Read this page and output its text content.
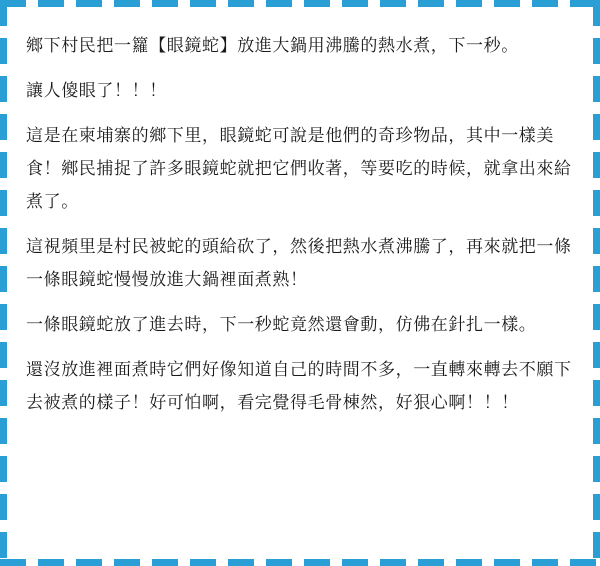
鄉下村民把一籮【眼鏡蛇】放進大鍋用沸騰的熱水煮，下一秒。

讓人傻眼了！！！

這是在柬埔寨的鄉下里，眼鏡蛇可說是他們的奇珍物品，其中一樣美食！鄉民捕捉了許多眼鏡蛇就把它們收著，等要吃的時候，就拿出來給煮了。

這視頻里是村民被蛇的頭給砍了，然後把熱水煮沸騰了，再來就把一條一條眼鏡蛇慢慢放進大鍋裡面煮熟！

一條眼鏡蛇放了進去時，下一秒蛇竟然還會動，仿佛在針扎一樣。

還沒放進裡面煮時它們好像知道自己的時間不多，一直轉來轉去不願下去被煮的樣子！好可怕啊，看完覺得毛骨棟然，好狠心啊！！！
